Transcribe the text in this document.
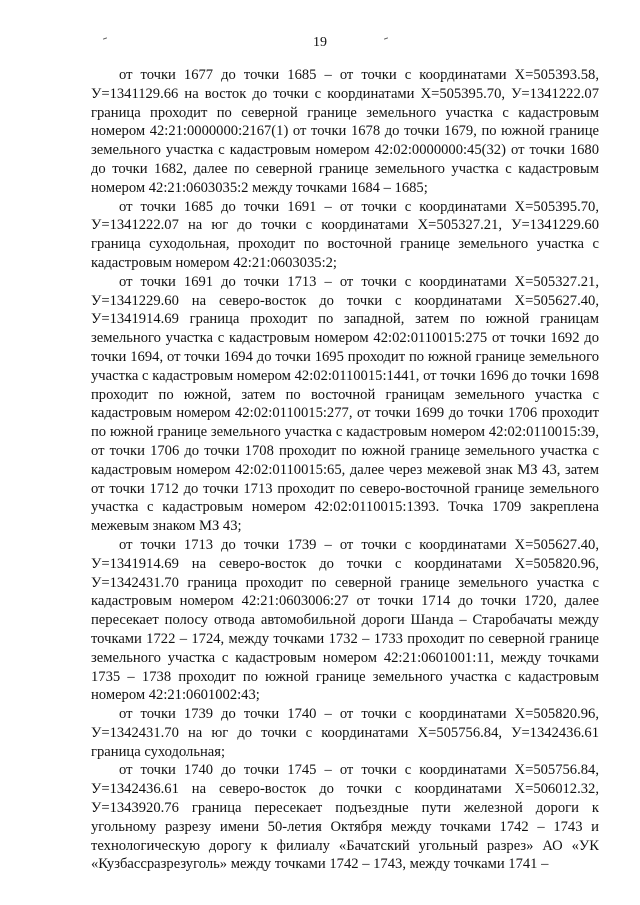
19

от точки 1677 до точки 1685 – от точки с координатами Х=505393.58, У=1341129.66 на восток до точки с координатами Х=505395.70, У=1341222.07 граница проходит по северной границе земельного участка с кадастровым номером 42:21:0000000:2167(1) от точки 1678 до точки 1679, по южной границе земельного участка с кадастровым номером 42:02:0000000:45(32) от точки 1680 до точки 1682, далее по северной границе земельного участка с кадастровым номером 42:21:0603035:2 между точками 1684 – 1685;

от точки 1685 до точки 1691 – от точки с координатами Х=505395.70, У=1341222.07 на юг до точки с координатами Х=505327.21, У=1341229.60 граница суходольная, проходит по восточной границе земельного участка с кадастровым номером 42:21:0603035:2;

от точки 1691 до точки 1713 – от точки с координатами Х=505327.21, У=1341229.60 на северо-восток до точки с координатами Х=505627.40, У=1341914.69 граница проходит по западной, затем по южной границам земельного участка с кадастровым номером 42:02:0110015:275 от точки 1692 до точки 1694, от точки 1694 до точки 1695 проходит по южной границе земельного участка с кадастровым номером 42:02:0110015:1441, от точки 1696 до точки 1698 проходит по южной, затем по восточной границам земельного участка с кадастровым номером 42:02:0110015:277, от точки 1699 до точки 1706 проходит по южной границе земельного участка с кадастровым номером 42:02:0110015:39, от точки 1706 до точки 1708 проходит по южной границе земельного участка с кадастровым номером 42:02:0110015:65, далее через межевой знак МЗ 43, затем от точки 1712 до точки 1713 проходит по северо-восточной границе земельного участка с кадастровым номером 42:02:0110015:1393. Точка 1709 закреплена межевым знаком МЗ 43;

от точки 1713 до точки 1739 – от точки с координатами Х=505627.40, У=1341914.69 на северо-восток до точки с координатами Х=505820.96, У=1342431.70 граница проходит по северной границе земельного участка с кадастровым номером 42:21:0603006:27 от точки 1714 до точки 1720, далее пересекает полосу отвода автомобильной дороги Шанда – Старобачаты между точками 1722 – 1724, между точками 1732 – 1733 проходит по северной границе земельного участка с кадастровым номером 42:21:0601001:11, между точками 1735 – 1738 проходит по южной границе земельного участка с кадастровым номером 42:21:0601002:43;

от точки 1739 до точки 1740 – от точки с координатами Х=505820.96, У=1342431.70 на юг до точки с координатами Х=505756.84, У=1342436.61 граница суходольная;

от точки 1740 до точки 1745 – от точки с координатами Х=505756.84, У=1342436.61 на северо-восток до точки с координатами Х=506012.32, У=1343920.76 граница пересекает подъездные пути железной дороги к угольному разрезу имени 50-летия Октября между точками 1742 – 1743 и технологическую дорогу к филиалу «Бачатский угольный разрез» АО «УК «Кузбассразрезуголь» между точками 1742 – 1743, между точками 1741 –
